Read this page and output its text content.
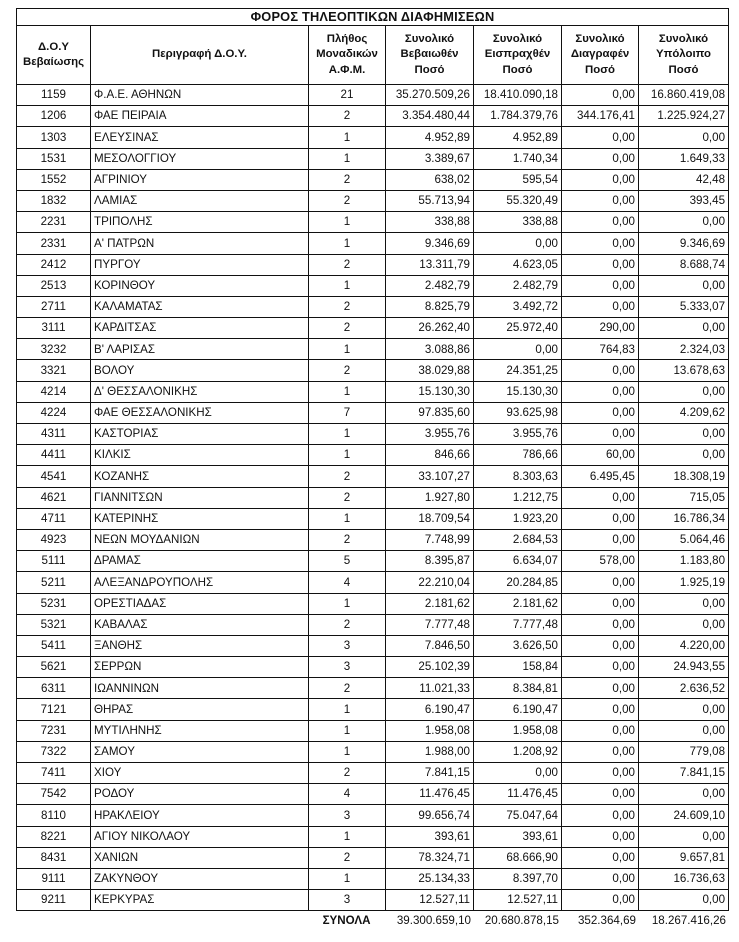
ΦΟΡΟΣ ΤΗΛΕΟΠΤΙΚΩΝ ΔΙΑΦΗΜΙΣΕΩΝ						
Δ.Ο.Υ
Βεβαίωσης	Περιγραφή Δ.Ο.Υ.	Πλήθος
Μοναδικών
Α.Φ.Μ.	Συνολικό
Βεβαιωθέν
Ποσό	Συνολικό
Εισπραχθέν
Ποσό	Συνολικό
Διαγραφέν
Ποσό	Συνολικό
Υπόλοιπο
Ποσό
1159	Φ.Α.Ε. ΑΘΗΝΩΝ	21	35.270.509,26	18.410.090,18	0,00	16.860.419,08
1206	ΦΑΕ ΠΕΙΡΑΙΑ	2	3.354.480,44	1.784.379,76	344.176,41	1.225.924,27
1303	ΕΛΕΥΣΙΝΑΣ	1	4.952,89	4.952,89	0,00	0,00
1531	ΜΕΣΟΛΟΓΓΙΟΥ	1	3.389,67	1.740,34	0,00	1.649,33
1552	ΑΓΡΙΝΙΟΥ	2	638,02	595,54	0,00	42,48
1832	ΛΑΜΙΑΣ	2	55.713,94	55.320,49	0,00	393,45
2231	ΤΡΙΠΟΛΗΣ	1	338,88	338,88	0,00	0,00
2331	Α' ΠΑΤΡΩΝ	1	9.346,69	0,00	0,00	9.346,69
2412	ΠΥΡΓΟΥ	2	13.311,79	4.623,05	0,00	8.688,74
2513	ΚΟΡΙΝΘΟΥ	1	2.482,79	2.482,79	0,00	0,00
2711	ΚΑΛΑΜΑΤΑΣ	2	8.825,79	3.492,72	0,00	5.333,07
3111	ΚΑΡΔΙΤΣΑΣ	2	26.262,40	25.972,40	290,00	0,00
3232	Β' ΛΑΡΙΣΑΣ	1	3.088,86	0,00	764,83	2.324,03
3321	ΒΟΛΟΥ	2	38.029,88	24.351,25	0,00	13.678,63
4214	Δ' ΘΕΣΣΑΛΟΝΙΚΗΣ	1	15.130,30	15.130,30	0,00	0,00
4224	ΦΑΕ ΘΕΣΣΑΛΟΝΙΚΗΣ	7	97.835,60	93.625,98	0,00	4.209,62
4311	ΚΑΣΤΟΡΙΑΣ	1	3.955,76	3.955,76	0,00	0,00
4411	ΚΙΛΚΙΣ	1	846,66	786,66	60,00	0,00
4541	ΚΟΖΑΝΗΣ	2	33.107,27	8.303,63	6.495,45	18.308,19
4621	ΓΙΑΝΝΙΤΣΩΝ	2	1.927,80	1.212,75	0,00	715,05
4711	ΚΑΤΕΡΙΝΗΣ	1	18.709,54	1.923,20	0,00	16.786,34
4923	ΝΕΩΝ ΜΟΥΔΑΝΙΩΝ	2	7.748,99	2.684,53	0,00	5.064,46
5111	ΔΡΑΜΑΣ	5	8.395,87	6.634,07	578,00	1.183,80
5211	ΑΛΕΞΑΝΔΡΟΥΠΟΛΗΣ	4	22.210,04	20.284,85	0,00	1.925,19
5231	ΟΡΕΣΤΙΑΔΑΣ	1	2.181,62	2.181,62	0,00	0,00
5321	ΚΑΒΑΛΑΣ	2	7.777,48	7.777,48	0,00	0,00
5411	ΞΑΝΘΗΣ	3	7.846,50	3.626,50	0,00	4.220,00
5621	ΣΕΡΡΩΝ	3	25.102,39	158,84	0,00	24.943,55
6311	ΙΩΑΝΝΙΝΩΝ	2	11.021,33	8.384,81	0,00	2.636,52
7121	ΘΗΡΑΣ	1	6.190,47	6.190,47	0,00	0,00
7231	ΜΥΤΙΛΗΝΗΣ	1	1.958,08	1.958,08	0,00	0,00
7322	ΣΑΜΟΥ	1	1.988,00	1.208,92	0,00	779,08
7411	ΧΙΟΥ	2	7.841,15	0,00	0,00	7.841,15
7542	ΡΟΔΟΥ	4	11.476,45	11.476,45	0,00	0,00
8110	ΗΡΑΚΛΕΙΟΥ	3	99.656,74	75.047,64	0,00	24.609,10
8221	ΑΓΙΟΥ ΝΙΚΟΛΑΟΥ	1	393,61	393,61	0,00	0,00
8431	ΧΑΝΙΩΝ	2	78.324,71	68.666,90	0,00	9.657,81
9111	ΖΑΚΥΝΘΟΥ	1	25.134,33	8.397,70	0,00	16.736,63
9211	ΚΕΡΚΥΡΑΣ	3	12.527,11	12.527,11	0,00	0,00
		ΣΥΝΟΛΑ	39.300.659,10	20.680.878,15	352.364,69	18.267.416,26
